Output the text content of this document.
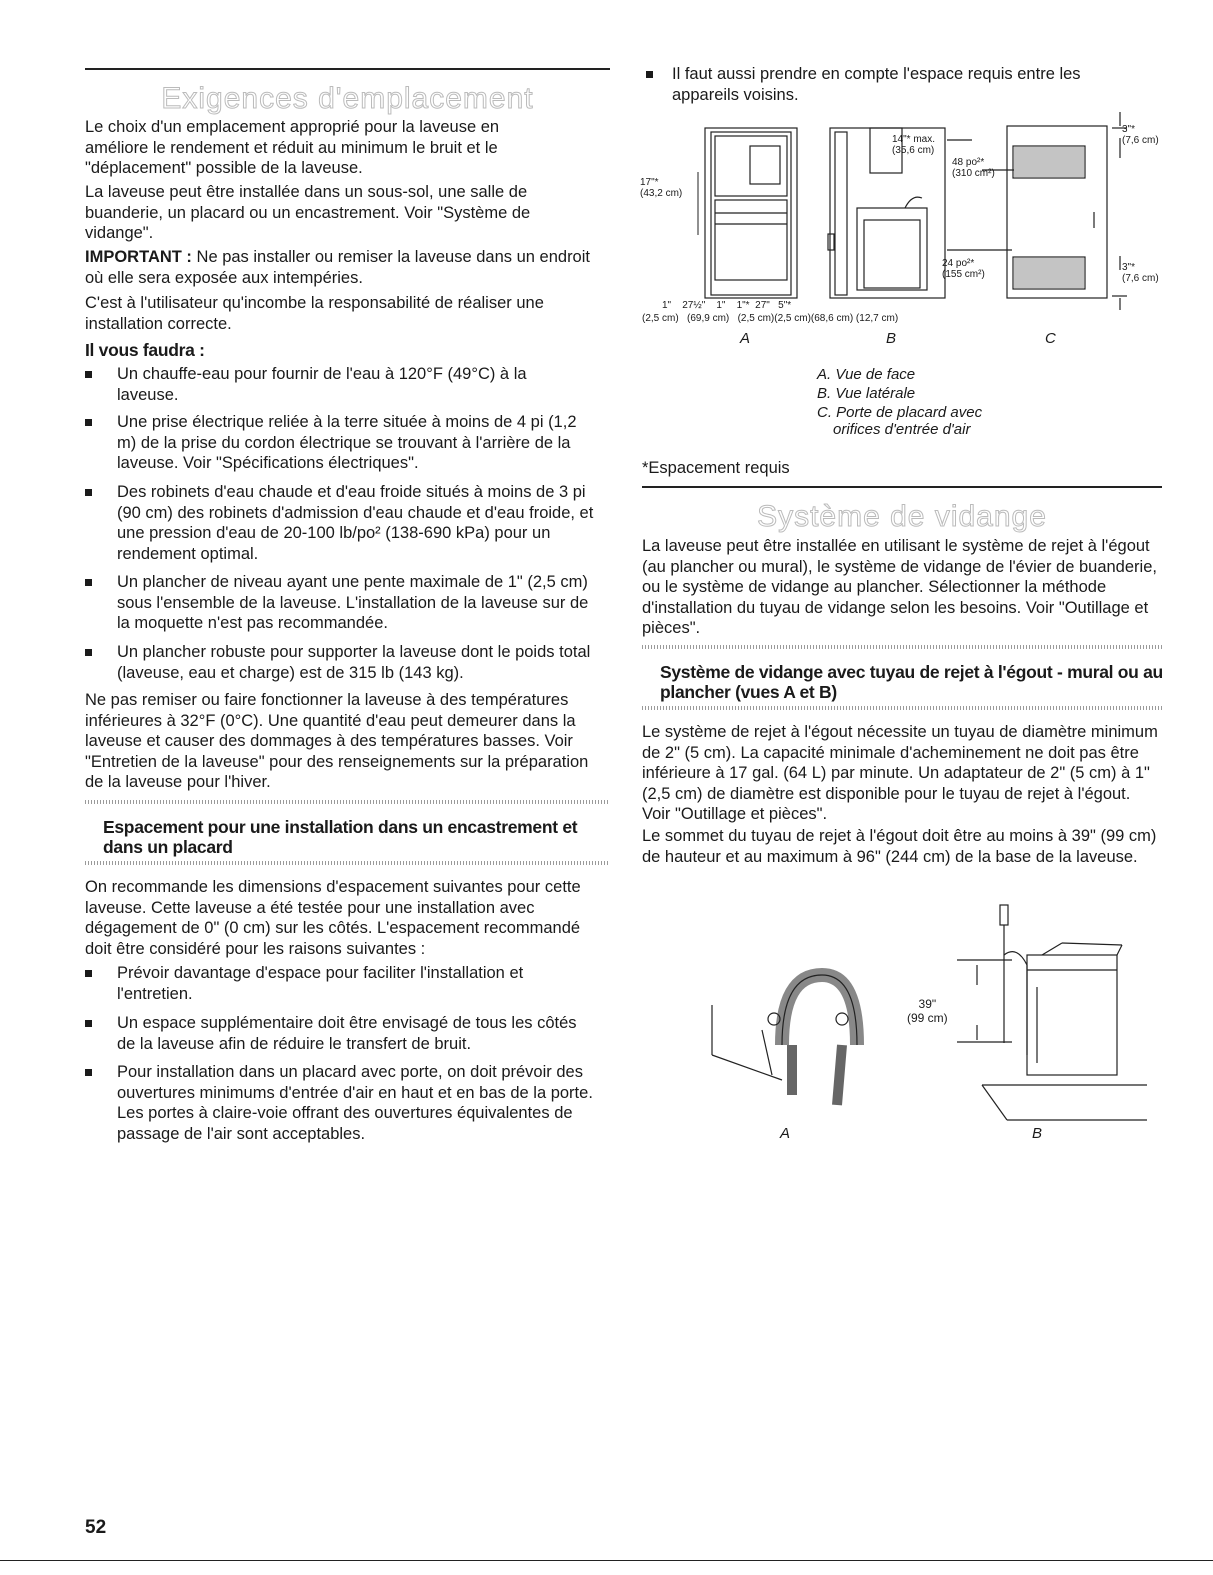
Exigences d'emplacement

Le choix d'un emplacement approprié pour la laveuse en améliore le rendement et réduit au minimum le bruit et le "déplacement" possible de la laveuse.

La laveuse peut être installée dans un sous-sol, une salle de buanderie, un placard ou un encastrement. Voir "Système de vidange".

IMPORTANT : Ne pas installer ou remiser la laveuse dans un endroit où elle sera exposée aux intempéries.

C'est à l'utilisateur qu'incombe la responsabilité de réaliser une installation correcte.

Il vous faudra :

Un chauffe-eau pour fournir de l'eau à 120°F (49°C) à la laveuse.
Une prise électrique reliée à la terre située à moins de 4 pi (1,2 m) de la prise du cordon électrique se trouvant à l'arrière de la laveuse. Voir "Spécifications électriques".
Des robinets d'eau chaude et d'eau froide situés à moins de 3 pi (90 cm) des robinets d'admission d'eau chaude et d'eau froide, et une pression d'eau de 20-100 lb/po² (138-690 kPa) pour un rendement optimal.
Un plancher de niveau ayant une pente maximale de 1" (2,5 cm) sous l'ensemble de la laveuse. L'installation de la laveuse sur de la moquette n'est pas recommandée.
Un plancher robuste pour supporter la laveuse dont le poids total (laveuse, eau et charge) est de 315 lb (143 kg).

Ne pas remiser ou faire fonctionner la laveuse à des températures inférieures à 32°F (0°C). Une quantité d'eau peut demeurer dans la laveuse et causer des dommages à des températures basses. Voir "Entretien de la laveuse" pour des renseignements sur la préparation de la laveuse pour l'hiver.

Espacement pour une installation dans un encastrement et dans un placard

On recommande les dimensions d'espacement suivantes pour cette laveuse. Cette laveuse a été testée pour une installation avec dégagement de 0" (0 cm) sur les côtés. L'espacement recommandé doit être considéré pour les raisons suivantes :

Prévoir davantage d'espace pour faciliter l'installation et l'entretien.
Un espace supplémentaire doit être envisagé de tous les côtés de la laveuse afin de réduire le transfert de bruit.
Pour installation dans un placard avec porte, on doit prévoir des ouvertures minimums d'entrée d'air en haut et en bas de la porte. Les portes à claire-voie offrant des ouvertures équivalentes de passage de l'air sont acceptables.
Il faut aussi prendre en compte l'espace requis entre les appareils voisins.
17"*
(43,2 cm)
14"* max.
(35,6 cm)
48 po²*
(310 cm²)
24 po²*
(155 cm²)
3"*
(7,6 cm)
3"*
(7,6 cm)
1"    27½"    1"    1"*  27"   5"*
(2,5 cm)   (69,9 cm)   (2,5 cm)(2,5 cm)(68,6 cm) (12,7 cm)
A	B	C
A. Vue de face
B. Vue latérale
C. Porte de placard avec
orifices d'entrée d'air

*Espacement requis

Système de vidange

La laveuse peut être installée en utilisant le système de rejet à l'égout (au plancher ou mural), le système de vidange de l'évier de buanderie, ou le système de vidange au plancher. Sélectionner la méthode d'installation du tuyau de vidange selon les besoins. Voir "Outillage et pièces".

Système de vidange avec tuyau de rejet à l'égout - mural ou au plancher (vues A et B)

Le système de rejet à l'égout nécessite un tuyau de diamètre minimum de 2" (5 cm). La capacité minimale d'acheminement ne doit pas être inférieure à 17 gal. (64 L) par minute. Un adaptateur de 2" (5 cm) à 1" (2,5 cm) de diamètre est disponible pour le tuyau de rejet à l'égout. Voir "Outillage et pièces".

Le sommet du tuyau de rejet à l'égout doit être au moins à 39" (99 cm) de hauteur et au maximum à 96" (244 cm) de la base de la laveuse.

39"
(99 cm)
A	B
52
